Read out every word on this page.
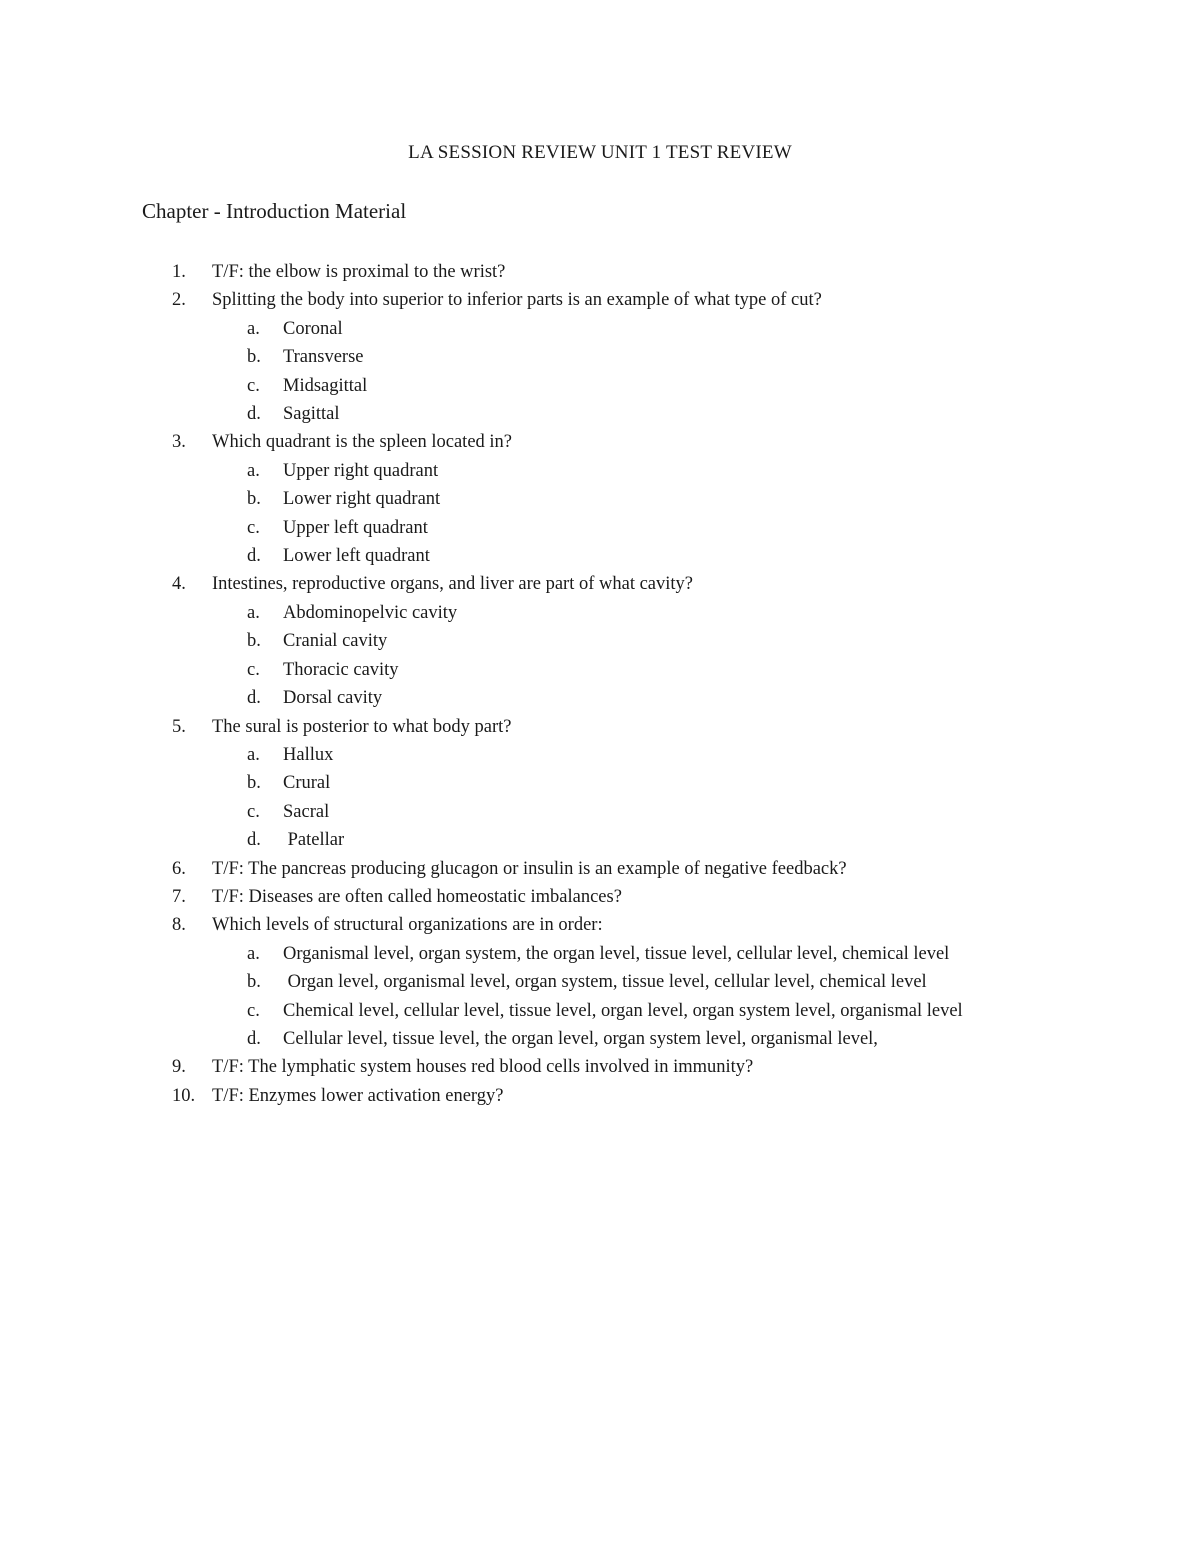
LA SESSION REVIEW UNIT 1 TEST REVIEW
Chapter - Introduction Material
1. T/F: the elbow is proximal to the wrist?
2. Splitting the body into superior to inferior parts is an example of what type of cut?
a. Coronal
b. Transverse
c. Midsagittal
d. Sagittal
3. Which quadrant is the spleen located in?
a. Upper right quadrant
b. Lower right quadrant
c. Upper left quadrant
d. Lower left quadrant
4. Intestines, reproductive organs, and liver are part of what cavity?
a. Abdominopelvic cavity
b. Cranial cavity
c. Thoracic cavity
d. Dorsal cavity
5. The sural is posterior to what body part?
a. Hallux
b. Crural
c. Sacral
d. Patellar
6. T/F: The pancreas producing glucagon or insulin is an example of negative feedback?
7. T/F: Diseases are often called homeostatic imbalances?
8. Which levels of structural organizations are in order:
a. Organismal level, organ system, the organ level, tissue level, cellular level, chemical level
b. Organ level, organismal level, organ system, tissue level, cellular level, chemical level
c. Chemical level, cellular level, tissue level, organ level, organ system level, organismal level
d. Cellular level, tissue level, the organ level, organ system level, organismal level,
9. T/F: The lymphatic system houses red blood cells involved in immunity?
10. T/F: Enzymes lower activation energy?
